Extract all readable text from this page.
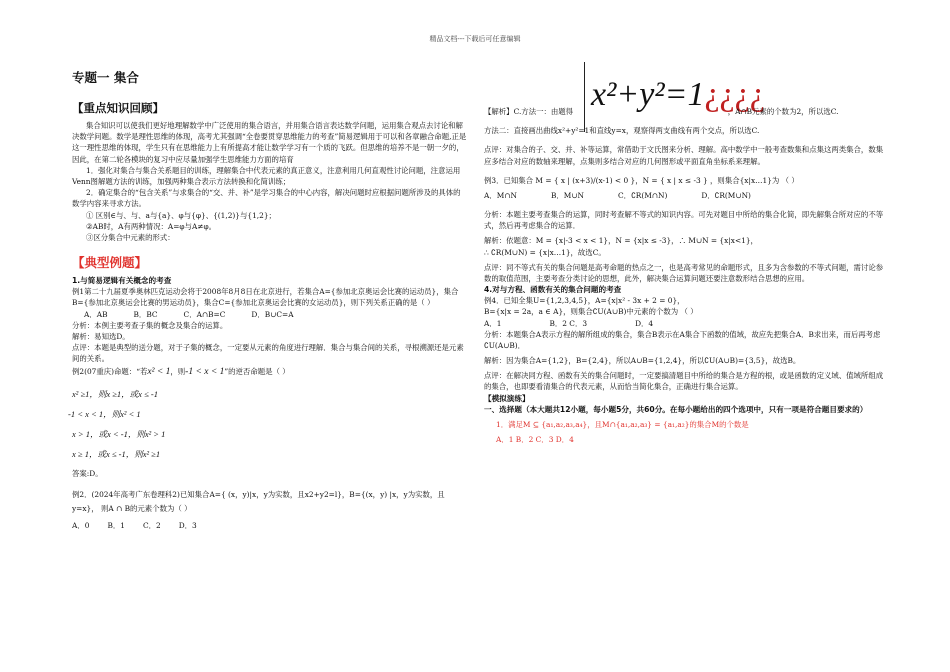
精品文档---下载后可任意编辑
专题一 集合
【重点知识回顾】

集合知识可以使我们更好地理解数学中广泛使用的集合语言，并用集合语言表达数学问题，运用集合观点去讨论和解决数学问题。数学是理性思维的体现，高考尤其强调“全卷要贯穿思维能力的考查”简易逻辑用于可以和各章融合命题,正是这一理性思维的体现，学生只有在思维能力上有所提高才能让数学学习有一个质的飞跃。但思维的培养不是一朝一夕的，因此，在第二轮各模块的复习中应尽量加强学生思维能力方面的培育

1．强化对集合与集合关系题目的训练，理解集合中代表元素的真正意义，注意利用几何直观性讨论问题，注意运用Venn图解题方法的训练，加强两种集合表示方法转换和化简训练；

2．确定集合的“包含关系”与求集合的“交、并、补”是学习集合的中心内容，解决问题时应根据问题所涉及的具体的数学内容来寻求方法。

① 区别∈与、与、a与{a}、φ与{φ}、{(1,2)}与{1,2}；

②AB时，A有两种情况：A=φ与A≠φ。

③区分集合中元素的形式：

【典型例题】
1.与简易逻辑有关概念的考查

例1第二十九届夏季奥林匹克运动会将于2008年8月8日在北京进行，若集合A={参加北京奥运会比赛的运动员}，集合B={参加北京奥运会比赛的男运动员}，集合C={参加北京奥运会比赛的女运动员}，则下列关系正确的是（ ）

A．AB	B．BC	C．A∩B=C	D．B∪C=A

分析：本例主要考查子集的概念及集合的运算。

解析：易知选D。

点评：本题是典型的送分题，对于子集的概念，一定要从元素的角度进行理解．集合与集合间的关系，寻根溯源还是元素间的关系。

例2(07重庆)命题：“若x² < 1，则-1 < x < 1”的逆否命题是（ ）

x² ≥1，则x ≥1，或x ≤ -1
-1 < x < 1，则x² < 1
x > 1，或x < -1，则x² > 1
x ≥ 1，或x ≤ -1，则x² ≥1

答案:D。

例2．(2024年高考广东卷理科2)已知集合A={ (x，y)|x，y为实数，且x2+y2=l}，B={(x，y) |x，y为实数，且y=x}， 则A ∩ B的元素个数为（ ）

A．0 B．1 C．2 D．3
x²+y²=1¿¿¿¿

【解析】C.方法一：由题得	，A∩B元素的个数为2，所以选C.

方法二：直接画出曲线x²+y²=1和直线y=x，观察得两支曲线有两个交点，所以选C.

点评：对集合的子、交、并、补等运算，常借助于文氏图来分析、理解。高中数学中一般考查数集和点集这两类集合，数集应多结合对应的数轴来理解，点集则多结合对应的几何图形或平面直角坐标系来理解。

例3．已知集合 M = { x | (x+3)/(x-1) < 0 }，N = { x | x ≤ -3 } ，则集合{x|x…1}为 （ ）

A．M∩N	B．M∪N	C．∁R(M∩N)	D．∁R(M∪N)

分析：本题主要考查集合的运算，同时考查解不等式的知识内容。可先对题目中所给的集合化简，即先解集合所对应的不等式，然后再考虑集合的运算．

解析：依题意：M = {x|-3 < x < 1}，N = {x|x ≤ -3}，∴ M∪N = {x|x<1}，

∴ ∁R(M∪N) = {x|x…1}，故选C。

点评：同不等式有关的集合问题是高考命题的热点之一，也是高考常见的命题形式，且多为含参数的不等式问题，需讨论参数的取值范围，主要考查分类讨论的思想，此外，解决集合运算问题还要注意数形结合思想的应用。

4.对与方程、函数有关的集合问题的考查

例4．已知全集U={1,2,3,4,5}，A={x|x² - 3x + 2 = 0}，

B={x|x = 2a，a ∈ A}，则集合∁U(A∪B)中元素的个数为 （ ）

A．1	B．2 C．3	D．4

分析：本题集合A表示方程的解所组成的集合，集合B表示在A集合下函数的值域，故应先把集合A．B求出来，而后再考虑∁U(A∪B)．

解析：因为集合A={1,2}，B={2,4}，所以A∪B={1,2,4}，所以∁U(A∪B)={3,5}，故选B。

点评：在解决同方程、函数有关的集合问题时，一定要搞清题目中所给的集合是方程的根，或是函数的定义域、值域所组成的集合，也即要看清集合的代表元素，从而恰当简化集合，正确进行集合运算。

【模拟演练】
一、选择题（本大题共12小题，每小题5分，共60分。在每小题给出的四个选项中，只有一项是符合题目要求的）

1．满足M ⊆ {a₁,a₂,a₃,a₄}，且M∩{a₁,a₂,a₃} = {a₁,a₂}的集合M的个数是

A．1 B．2 C．3 D．4
